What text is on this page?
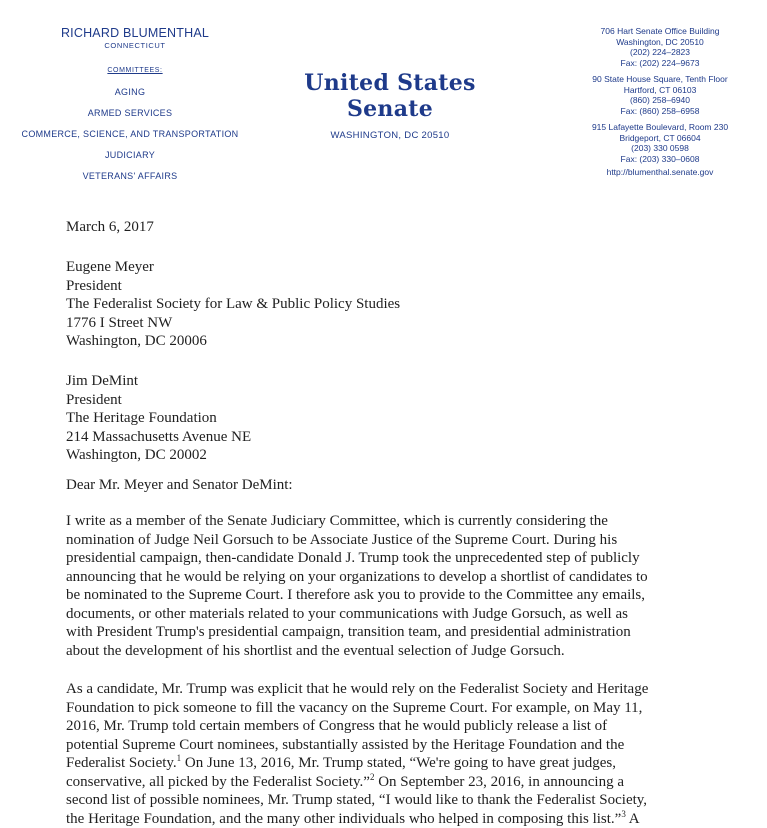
RICHARD BLUMENTHAL
CONNECTICUT
COMMITTEES:
AGING
ARMED SERVICES
COMMERCE, SCIENCE, AND TRANSPORTATION
JUDICIARY
VETERANS' AFFAIRS
United States Senate
WASHINGTON, DC 20510
706 Hart Senate Office Building
Washington, DC 20510
(202) 224–2823
Fax: (202) 224–9673
90 State House Square, Tenth Floor
Hartford, CT 06103
(860) 258–6940
Fax: (860) 258–6958
915 Lafayette Boulevard, Room 230
Bridgeport, CT 06604
(203) 330 0598
Fax: (203) 330–0608
http://blumenthal.senate.gov
March 6, 2017
Eugene Meyer
President
The Federalist Society for Law & Public Policy Studies
1776 I Street NW
Washington, DC 20006
Jim DeMint
President
The Heritage Foundation
214 Massachusetts Avenue NE
Washington, DC 20002
Dear Mr. Meyer and Senator DeMint:
I write as a member of the Senate Judiciary Committee, which is currently considering the
nomination of Judge Neil Gorsuch to be Associate Justice of the Supreme Court. During his
presidential campaign, then-candidate Donald J. Trump took the unprecedented step of publicly
announcing that he would be relying on your organizations to develop a shortlist of candidates to
be nominated to the Supreme Court. I therefore ask you to provide to the Committee any emails,
documents, or other materials related to your communications with Judge Gorsuch, as well as
with President Trump's presidential campaign, transition team, and presidential administration
about the development of his shortlist and the eventual selection of Judge Gorsuch.
As a candidate, Mr. Trump was explicit that he would rely on the Federalist Society and Heritage
Foundation to pick someone to fill the vacancy on the Supreme Court. For example, on May 11,
2016, Mr. Trump told certain members of Congress that he would publicly release a list of
potential Supreme Court nominees, substantially assisted by the Heritage Foundation and the
Federalist Society.$^1$ On June 13, 2016, Mr. Trump stated, “We're going to have great judges,
conservative, all picked by the Federalist Society.”$^2$ On September 23, 2016, in announcing a
second list of possible nominees, Mr. Trump stated, “I would like to thank the Federalist Society,
the Heritage Foundation, and the many other individuals who helped in composing this list.”$^3$ A
